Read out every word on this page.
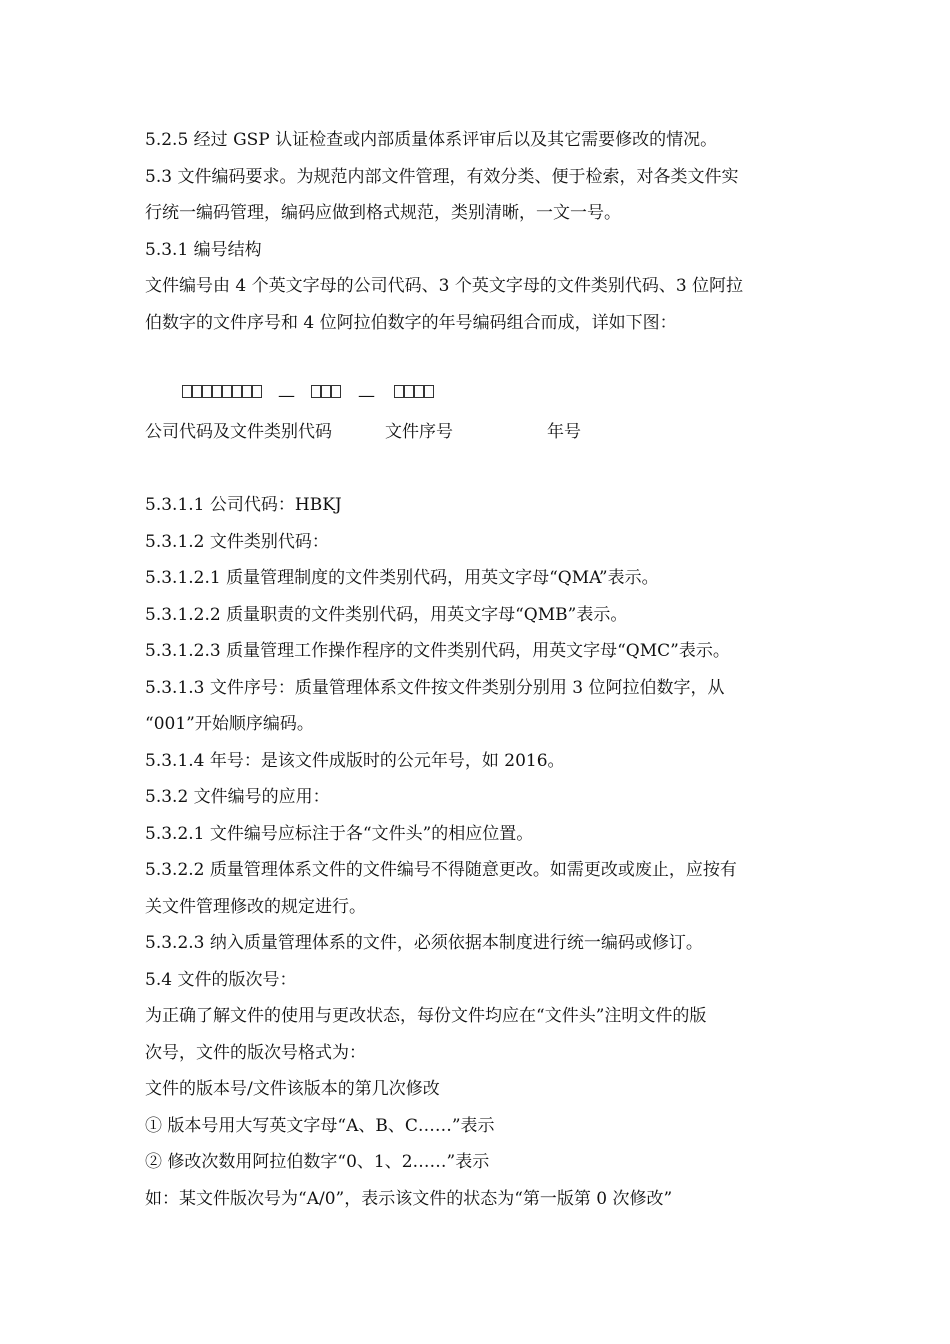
5.2.5 经过 GSP 认证检查或内部质量体系评审后以及其它需要修改的情况。
5.3 文件编码要求。为规范内部文件管理，有效分类、便于检索，对各类文件实
行统一编码管理，编码应做到格式规范，类别清晰，一文一号。
5.3.1 编号结构
文件编号由 4 个英文字母的公司代码、3 个英文字母的文件类别代码、3 位阿拉
伯数字的文件序号和 4 位阿拉伯数字的年号编码组合而成，详如下图：
—	—
公司代码及文件类别代码	文件序号	年号
5.3.1.1 公司代码：HBKJ
5.3.1.2 文件类别代码：
5.3.1.2.1 质量管理制度的文件类别代码，用英文字母“QMA”表示。
5.3.1.2.2 质量职责的文件类别代码，用英文字母“QMB”表示。
5.3.1.2.3 质量管理工作操作程序的文件类别代码，用英文字母“QMC”表示。
5.3.1.3 文件序号：质量管理体系文件按文件类别分别用 3 位阿拉伯数字，从
“001”开始顺序编码。
5.3.1.4 年号：是该文件成版时的公元年号，如 2016。
5.3.2 文件编号的应用：
5.3.2.1 文件编号应标注于各“文件头”的相应位置。
5.3.2.2 质量管理体系文件的文件编号不得随意更改。如需更改或废止，应按有
关文件管理修改的规定进行。
5.3.2.3 纳入质量管理体系的文件，必须依据本制度进行统一编码或修订。
5.4 文件的版次号：
为正确了解文件的使用与更改状态，每份文件均应在“文件头”注明文件的版
次号，文件的版次号格式为：
文件的版本号/文件该版本的第几次修改
① 版本号用大写英文字母“A、B、C……”表示
② 修改次数用阿拉伯数字“0、1、2……”表示
如：某文件版次号为“A/0”，表示该文件的状态为“第一版第 0 次修改”
